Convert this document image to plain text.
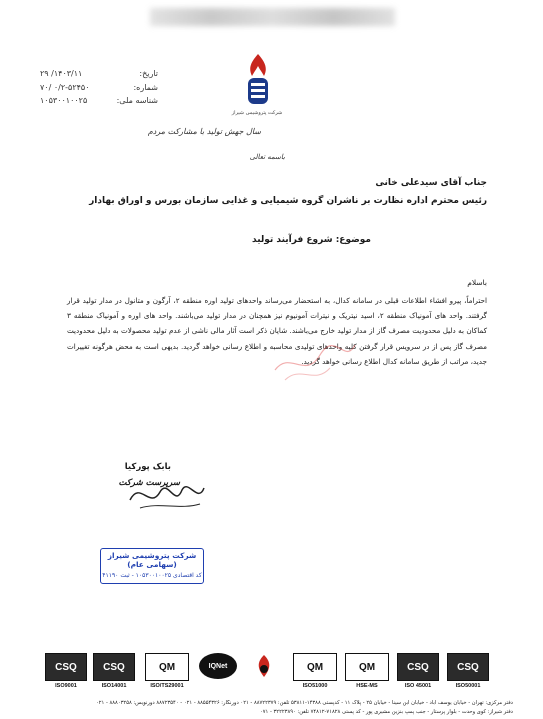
۱۴۰۳/۱۱/ ۲۹	تاریخ:
۰/۲-۵۲۴۵۰ /۷۰	شماره:
۱۰۵۳۰۰۱۰۰۲۵	شناسه ملی:
شرکت پتروشیمی شیراز
سال جهش تولید با مشارکت مردم
باسمه تعالی
جناب آقای سیدعلی خانی
رئیس محترم اداره نظارت بر ناشران گروه شیمیایی و غذایی سازمان بورس و اوراق بهادار
موضوع: شروع فرآیند تولید
باسلام
احتراماً، پیرو افشاء اطلاعات قبلی در سامانه کدال، به استحضار می‌رساند واحدهای تولید اوره منطقه ۲، آرگون و متانول در مدار تولید قرار گرفتند. واحد های آمونیاک منطقه ۲، اسید نیتریک و نیترات آمونیوم نیز همچنان در مدار تولید می‌باشند. واحد های اوره و آمونیاک منطقه ۳ کماکان به دلیل محدودیت مصرف گاز از مدار تولید خارج می‌باشند. شایان ذکر است آثار مالی ناشی از عدم تولید محصولات به دلیل محدودیت مصرف گاز پس از در سرویس قرار گرفتن کلیه واحدهای تولیدی محاسبه و اطلاع رسانی خواهد گردید. بدیهی است به محض هرگونه تغییرات جدید، مراتب از طریق سامانه کدال اطلاع رسانی خواهد گردید.
بابک پورکیا
سرپرست شرکت
شرکت پتروشیمی شیراز (سهامی عام)
کد اقتصادی ۱۰۵۳۰۰۱۰۰۲۵ - ثبت ۴۱۱۹۰
CSQ
ISO9001
CSQ
ISO14001
QM
ISO/TS29001
IQNet	QM
ISO51000
QM
HSE-MS
CSQ
ISO 45001
CSQ
ISO50001
دفتر مرکزی: تهران - خیابان یوسف آباد - خیابان ابن سینا - خیابان ۲۵ - پلاک ۱۱ - کدپستی ۱۴۳۸۸-۵۳۸۱۱ تلفن: ۸۸۷۲۲۳۷۹ - ۰۲۱ دورنگار: ۸۸۵۵۴۳۲۶ - ۰۲۱ - ۸۸۷۲۳۵۴۰ دورنویس: ۸۸۸۰۳۲۵۸ - ۰۲۱
دفتر شیراز: کوی وحدت - بلوار پرستار - جنب پمپ بنزین مشیری پور - کد پستی ۷۱۸۲۸-۷۴۸۱۲ تلفن: ۳۲۲۲۳۸۹۰ - ۰۷۱
